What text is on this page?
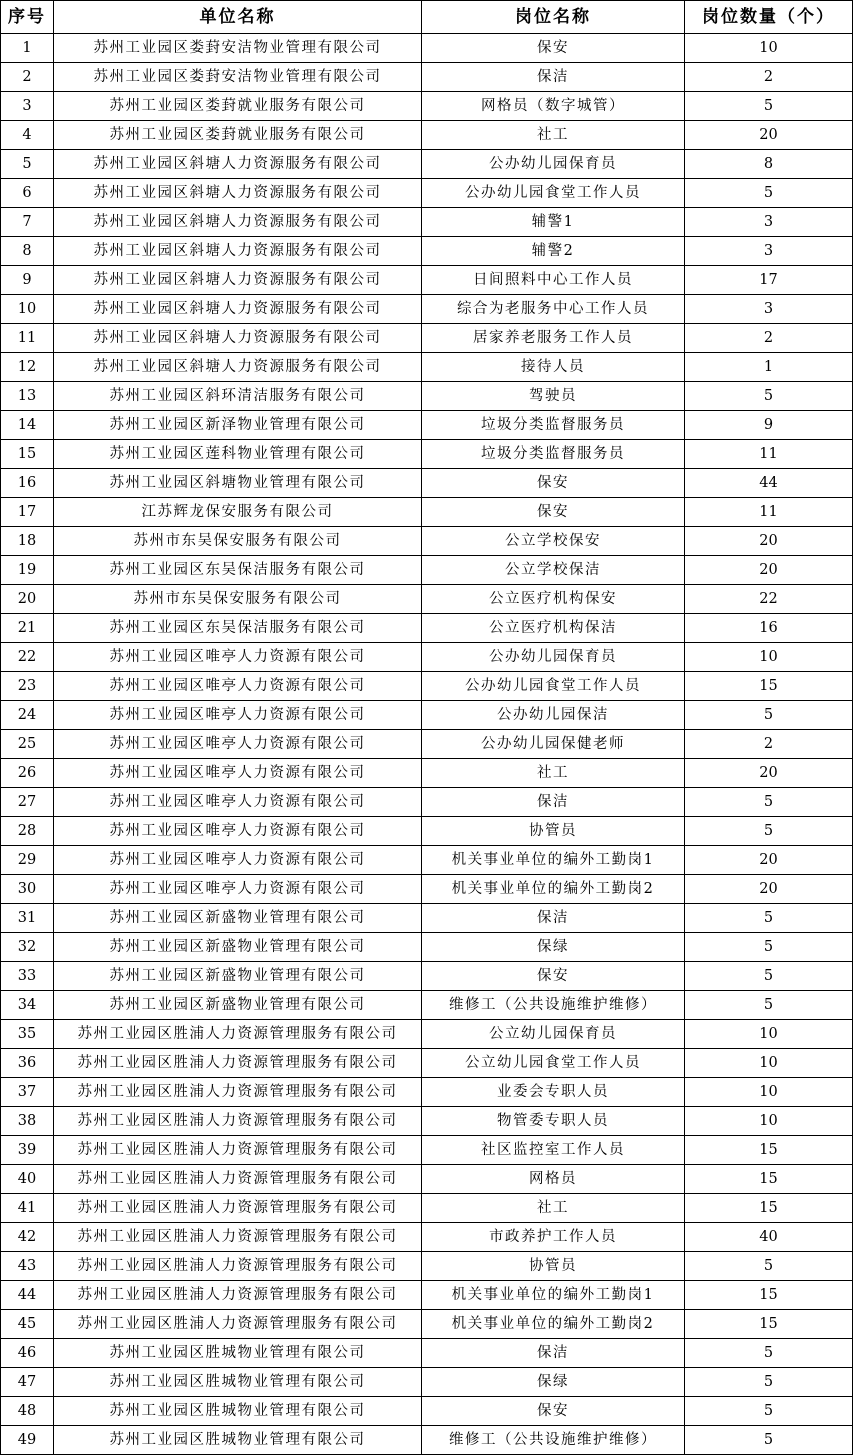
序号	单位名称	岗位名称	岗位数量（个）
1	苏州工业园区娄葑安洁物业管理有限公司	保安	10
2	苏州工业园区娄葑安洁物业管理有限公司	保洁	2
3	苏州工业园区娄葑就业服务有限公司	网格员（数字城管）	5
4	苏州工业园区娄葑就业服务有限公司	社工	20
5	苏州工业园区斜塘人力资源服务有限公司	公办幼儿园保育员	8
6	苏州工业园区斜塘人力资源服务有限公司	公办幼儿园食堂工作人员	5
7	苏州工业园区斜塘人力资源服务有限公司	辅警1	3
8	苏州工业园区斜塘人力资源服务有限公司	辅警2	3
9	苏州工业园区斜塘人力资源服务有限公司	日间照料中心工作人员	17
10	苏州工业园区斜塘人力资源服务有限公司	综合为老服务中心工作人员	3
11	苏州工业园区斜塘人力资源服务有限公司	居家养老服务工作人员	2
12	苏州工业园区斜塘人力资源服务有限公司	接待人员	1
13	苏州工业园区斜环清洁服务有限公司	驾驶员	5
14	苏州工业园区新泽物业管理有限公司	垃圾分类监督服务员	9
15	苏州工业园区莲科物业管理有限公司	垃圾分类监督服务员	11
16	苏州工业园区斜塘物业管理有限公司	保安	44
17	江苏辉龙保安服务有限公司	保安	11
18	苏州市东吴保安服务有限公司	公立学校保安	20
19	苏州工业园区东吴保洁服务有限公司	公立学校保洁	20
20	苏州市东吴保安服务有限公司	公立医疗机构保安	22
21	苏州工业园区东吴保洁服务有限公司	公立医疗机构保洁	16
22	苏州工业园区唯亭人力资源有限公司	公办幼儿园保育员	10
23	苏州工业园区唯亭人力资源有限公司	公办幼儿园食堂工作人员	15
24	苏州工业园区唯亭人力资源有限公司	公办幼儿园保洁	5
25	苏州工业园区唯亭人力资源有限公司	公办幼儿园保健老师	2
26	苏州工业园区唯亭人力资源有限公司	社工	20
27	苏州工业园区唯亭人力资源有限公司	保洁	5
28	苏州工业园区唯亭人力资源有限公司	协管员	5
29	苏州工业园区唯亭人力资源有限公司	机关事业单位的编外工勤岗1	20
30	苏州工业园区唯亭人力资源有限公司	机关事业单位的编外工勤岗2	20
31	苏州工业园区新盛物业管理有限公司	保洁	5
32	苏州工业园区新盛物业管理有限公司	保绿	5
33	苏州工业园区新盛物业管理有限公司	保安	5
34	苏州工业园区新盛物业管理有限公司	维修工（公共设施维护维修）	5
35	苏州工业园区胜浦人力资源管理服务有限公司	公立幼儿园保育员	10
36	苏州工业园区胜浦人力资源管理服务有限公司	公立幼儿园食堂工作人员	10
37	苏州工业园区胜浦人力资源管理服务有限公司	业委会专职人员	10
38	苏州工业园区胜浦人力资源管理服务有限公司	物管委专职人员	10
39	苏州工业园区胜浦人力资源管理服务有限公司	社区监控室工作人员	15
40	苏州工业园区胜浦人力资源管理服务有限公司	网格员	15
41	苏州工业园区胜浦人力资源管理服务有限公司	社工	15
42	苏州工业园区胜浦人力资源管理服务有限公司	市政养护工作人员	40
43	苏州工业园区胜浦人力资源管理服务有限公司	协管员	5
44	苏州工业园区胜浦人力资源管理服务有限公司	机关事业单位的编外工勤岗1	15
45	苏州工业园区胜浦人力资源管理服务有限公司	机关事业单位的编外工勤岗2	15
46	苏州工业园区胜城物业管理有限公司	保洁	5
47	苏州工业园区胜城物业管理有限公司	保绿	5
48	苏州工业园区胜城物业管理有限公司	保安	5
49	苏州工业园区胜城物业管理有限公司	维修工（公共设施维护维修）	5
